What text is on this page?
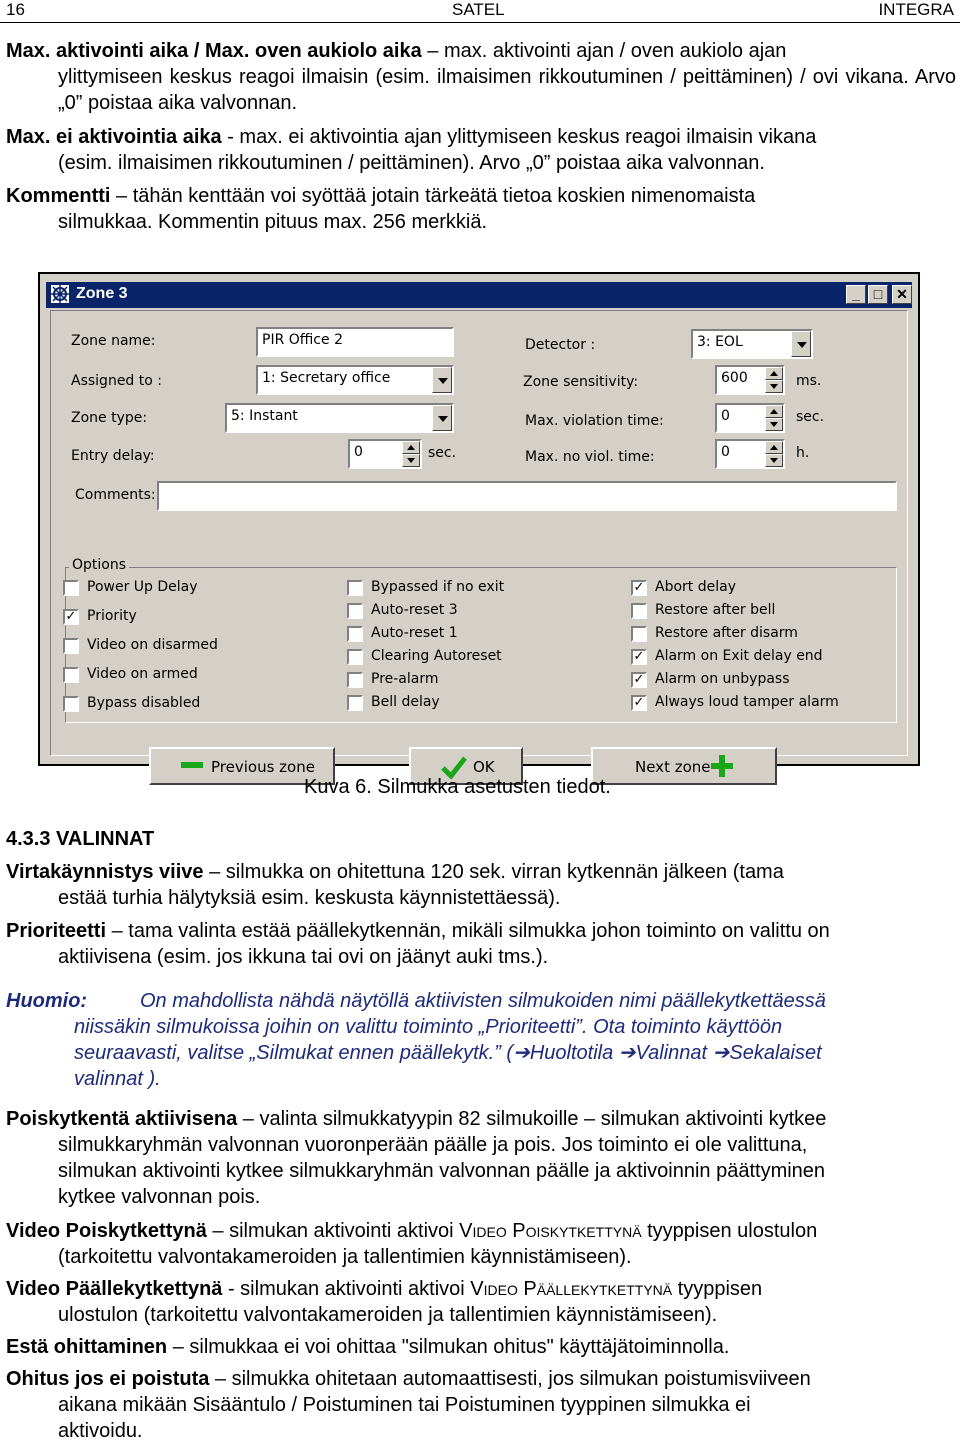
16	SATEL	INTEGRA
Max. aktivointi aika / Max. oven aukiolo aika – max. aktivointi ajan / oven aukiolo ajan
ylittymiseen keskus reagoi ilmaisin (esim. ilmaisimen rikkoutuminen / peittäminen) / ovi vikana. Arvo „0” poistaa aika valvonnan.
Max. ei aktivointia aika - max. ei aktivointia ajan ylittymiseen keskus reagoi ilmaisin vikana
(esim. ilmaisimen rikkoutuminen / peittäminen). Arvo „0” poistaa aika valvonnan.
Kommentti – tähän kenttään voi syöttää jotain tärkeätä tietoa koskien nimenomaista
silmukkaa. Kommentin pituus max. 256 merkkiä.
Zone 3	_ □ ✕
Zone name:	PIR Office 2
Assigned to :	1: Secretary office
Zone type:	5: Instant
Entry delay:	0	sec.
Comments:
Detector :	3: EOL
Zone sensitivity:	600	ms.
Max. violation time:	0	sec.
Max. no viol. time:	0	h.
Options
Power Up Delay
✓ Priority
Video on disarmed
Video on armed
Bypass disabled
Bypassed if no exit
Auto-reset 3
Auto-reset 1
Clearing Autoreset
Pre-alarm
Bell delay
✓ Abort delay
Restore after bell
Restore after disarm
✓ Alarm on Exit delay end
✓ Alarm on unbypass
✓ Always loud tamper alarm
Previous zone	OK	Next zone
Kuva 6. Silmukka asetusten tiedot.
4.3.3 VALINNAT
Virtakäynnistys viive – silmukka on ohitettuna 120 sek. virran kytkennän jälkeen (tama
estää turhia hälytyksiä esim. keskusta käynnistettäessä).
Prioriteetti – tama valinta estää päällekytkennän, mikäli silmukka johon toiminto on valittu on
aktiivisena (esim. jos ikkuna tai ovi on jäänyt auki tms.).
Huomio:	On mahdollista nähdä näytöllä aktiivisten silmukoiden nimi päällekytkettäessä
niissäkin silmukoissa joihin on valittu toiminto „Prioriteetti”. Ota toiminto käyttöön
seuraavasti, valitse „Silmukat ennen päällekytk.” (➔Huoltotila ➔Valinnat ➔Sekalaiset
valinnat ).
Poiskytkentä aktiivisena – valinta silmukkatyypin 82 silmukoille – silmukan aktivointi kytkee
silmukkaryhmän valvonnan vuoronperään päälle ja pois. Jos toiminto ei ole valittuna,
silmukan aktivointi kytkee silmukkaryhmän valvonnan päälle ja aktivoinnin päättyminen
kytkee valvonnan pois.
Video Poiskytkettynä – silmukan aktivointi aktivoi Video Poiskytkettynä tyyppisen ulostulon
(tarkoitettu valvontakameroiden ja tallentimien käynnistämiseen).
Video Päällekytkettynä - silmukan aktivointi aktivoi Video Päällekytkettynä tyyppisen
ulostulon (tarkoitettu valvontakameroiden ja tallentimien käynnistämiseen).
Estä ohittaminen – silmukkaa ei voi ohittaa "silmukan ohitus" käyttäjätoiminnolla.
Ohitus jos ei poistuta – silmukka ohitetaan automaattisesti, jos silmukan poistumisviiveen
aikana mikään Sisääntulo / Poistuminen tai Poistuminen tyyppinen silmukka ei
aktivoidu.
